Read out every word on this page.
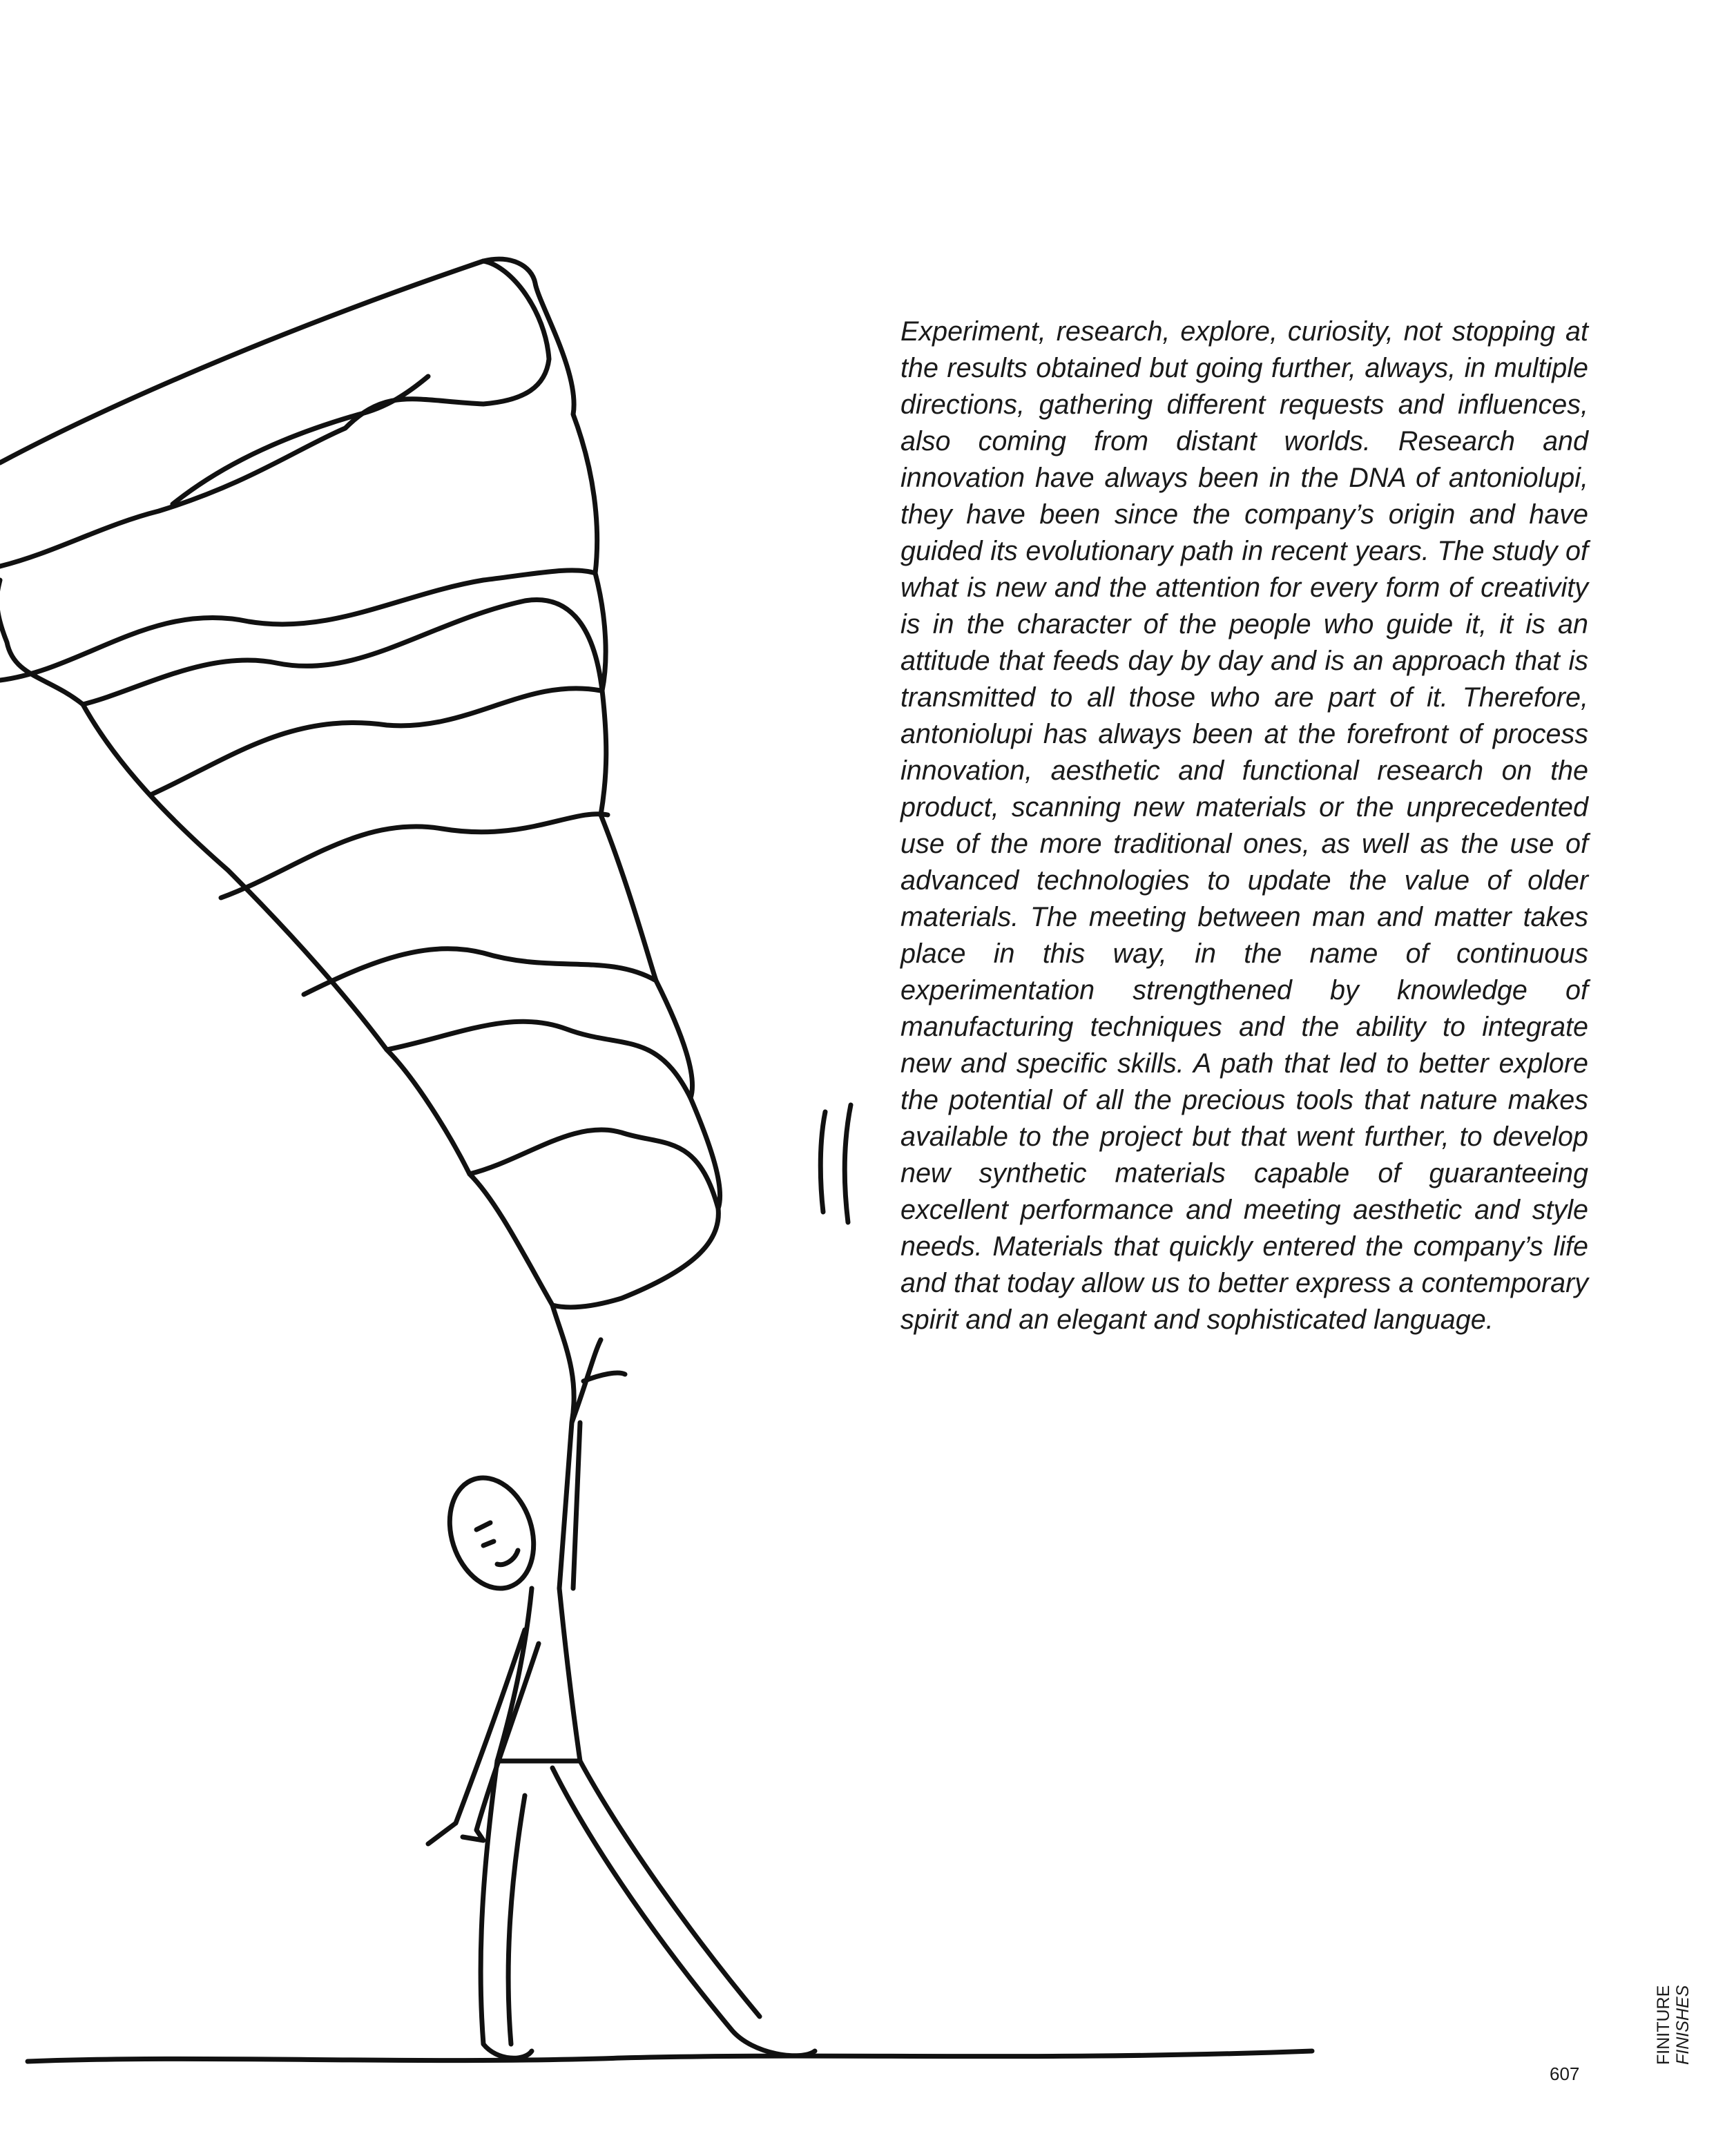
Experiment, research, explore, curiosity, not stopping at the results obtained but going further, always, in multiple directions, gathering different requests and influences, also coming from distant worlds. Research and innovation have always been in the DNA of antoniolupi, they have been since the company’s origin and have guided its evolutionary path in recent years. The study of what is new and the attention for every form of creativity is in the character of the people who guide it, it is an attitude that feeds day by day and is an approach that is transmitted to all those who are part of it. Therefore, antoniolupi has always been at the forefront of process innovation, aesthetic and functional research on the product, scanning new materials or the unprecedented use of the more traditional ones, as well as the use of advanced technologies to update the value of older materials. The meeting between man and matter takes place in this way, in the name of continuous experimentation strengthened by knowledge of manufacturing techniques and the ability to integrate new and specific skills. A path that led to better explore the potential of all the precious tools that nature makes available to the project but that went further, to develop new synthetic materials capable of guaranteeing excellent performance and meeting aesthetic and style needs. Materials that quickly entered the company’s life and that today allow us to better express a contemporary spirit and an elegant and sophisticated language.

607
FINITURE FINISHES
